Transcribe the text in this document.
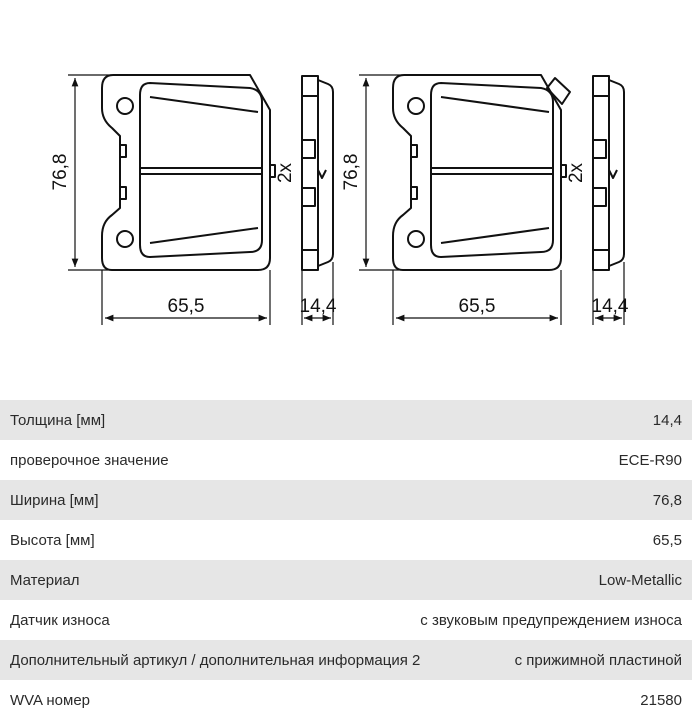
76,8
65,5	14,4
2x 76,8
65,5	14,4
2x
Толщина [мм]	14,4
проверочное значение	ECE-R90
Ширина [мм]	76,8
Высота [мм]	65,5
Материал	Low-Metallic
Датчик износа	с звуковым предупреждением износа
Дополнительный артикул / дополнительная информация 2	с прижимной пластиной
WVA номер	21580
